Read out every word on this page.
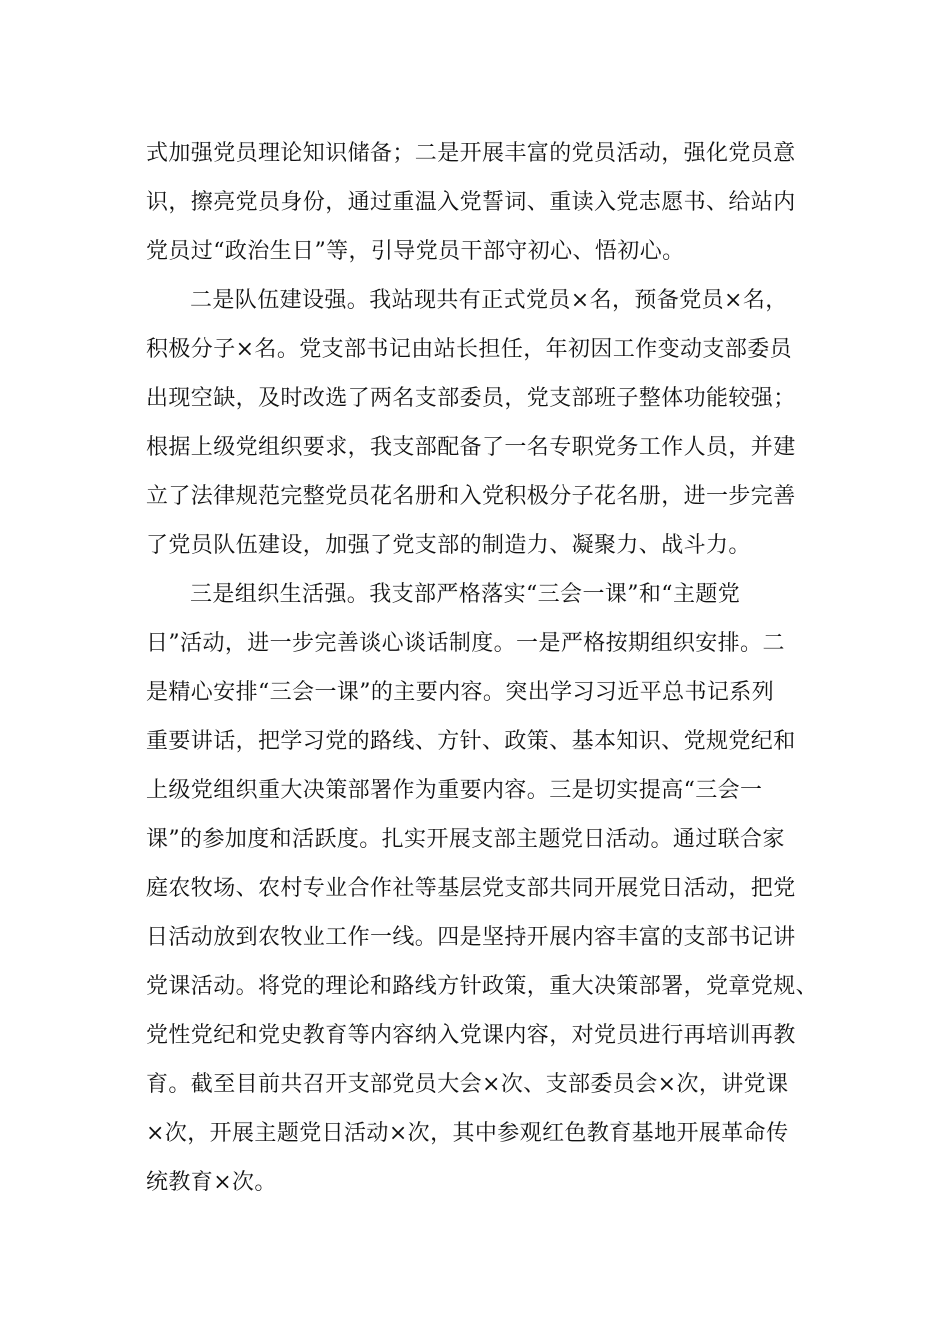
式加强党员理论知识储备；二是开展丰富的党员活动，强化党员意
识，擦亮党员身份，通过重温入党誓词、重读入党志愿书、给站内
党员过“政治生日”等，引导党员干部守初心、悟初心。
二是队伍建设强。我站现共有正式党员×名，预备党员×名，
积极分子×名。党支部书记由站长担任，年初因工作变动支部委员
出现空缺，及时改选了两名支部委员，党支部班子整体功能较强；
根据上级党组织要求，我支部配备了一名专职党务工作人员，并建
立了法律规范完整党员花名册和入党积极分子花名册，进一步完善
了党员队伍建设，加强了党支部的制造力、凝聚力、战斗力。
三是组织生活强。我支部严格落实“三会一课”和“主题党
日”活动，进一步完善谈心谈话制度。一是严格按期组织安排。二
是精心安排“三会一课”的主要内容。突出学习习近平总书记系列
重要讲话，把学习党的路线、方针、政策、基本知识、党规党纪和
上级党组织重大决策部署作为重要内容。三是切实提高“三会一
课”的参加度和活跃度。扎实开展支部主题党日活动。通过联合家
庭农牧场、农村专业合作社等基层党支部共同开展党日活动，把党
日活动放到农牧业工作一线。四是坚持开展内容丰富的支部书记讲
党课活动。将党的理论和路线方针政策，重大决策部署，党章党规、
党性党纪和党史教育等内容纳入党课内容，对党员进行再培训再教
育。截至目前共召开支部党员大会×次、支部委员会×次，讲党课
×次，开展主题党日活动×次，其中参观红色教育基地开展革命传
统教育×次。
